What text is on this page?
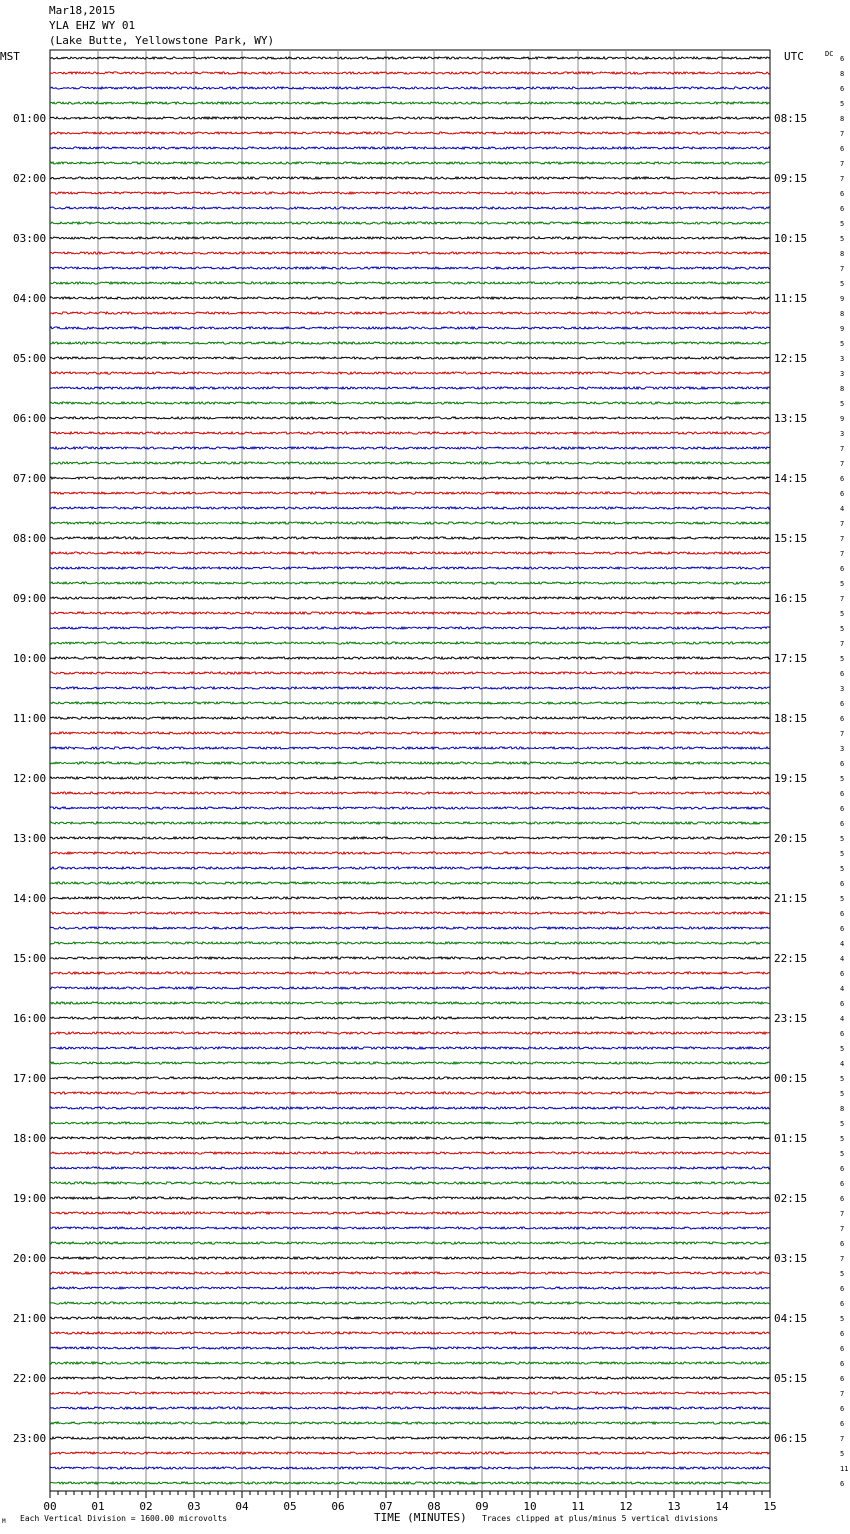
Mar18,2015
YLA EHZ WY 01
(Lake Butte, Yellowstone Park, WY)
6
8
6
5
8
7
6
7
7
6
6
5
5
8
7
5
9
8
9
5
3
3
8
5
9
3
7
7
6
6
4
7
7
7
6
5
7
5
5
7
5
6
3
6
6
7
3
6
5
6
6
6
5
5
5
6
5
6
6
4
4
6
4
6
4
6
5
4
5
5
8
5
5
5
6
6
6
7
7
6
7
5
6
6
5
6
6
6
6
7
6
6
7
5
11
6
MST	UTC	DC
01:00
02:00
03:00
04:00
05:00
06:00
07:00
08:00
09:00
10:00
11:00
12:00
13:00
14:00
15:00
16:00
17:00
18:00
19:00
20:00
21:00
22:00
23:00
08:15
09:15
10:15
11:15
12:15
13:15
14:15
15:15
16:15
17:15
18:15
19:15
20:15
21:15
22:15
23:15
00:15
01:15
02:15
03:15
04:15
05:15
06:15
00	01	02	03	04	05	06	07	08	09	10	11	12	13	14	15
TIME (MINUTES)
Each Vertical Division = 1600.00 microvolts	Traces clipped at plus/minus 5 vertical divisions
M
